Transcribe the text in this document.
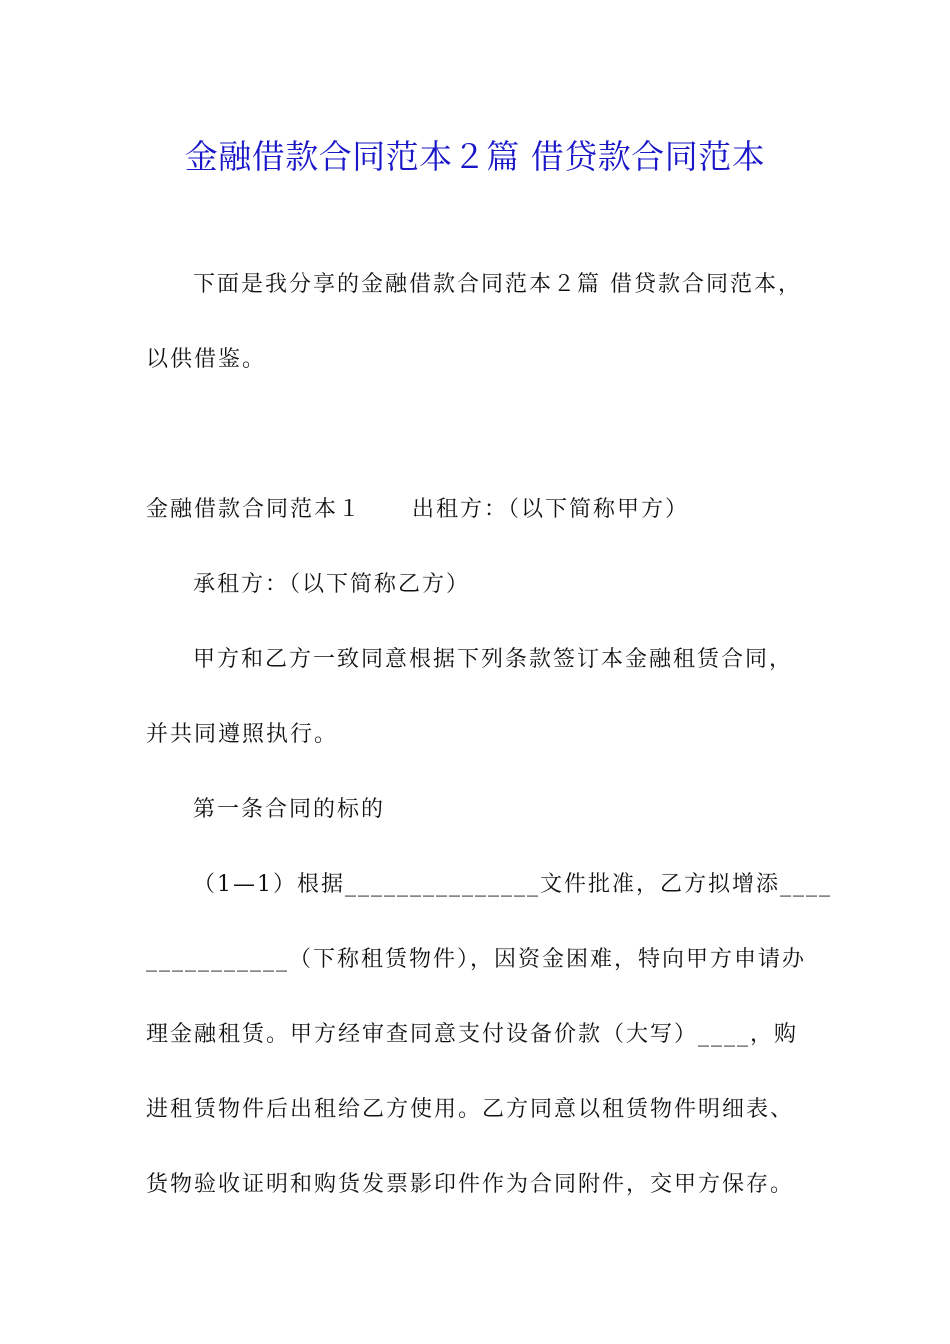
金融借款合同范本２篇 借贷款合同范本
下面是我分享的金融借款合同范本２篇 借贷款合同范本，
以供借鉴。
金融借款合同范本１ 出租方：（以下简称甲方）
承租方：（以下简称乙方）
甲方和乙方一致同意根据下列条款签订本金融租赁合同，
并共同遵照执行。
第一条合同的标的
（1—1）根据_______________文件批准，乙方拟增添____
___________（下称租赁物件），因资金困难，特向甲方申请办
理金融租赁。甲方经审查同意支付设备价款（大写）____，购
进租赁物件后出租给乙方使用。乙方同意以租赁物件明细表、
货物验收证明和购货发票影印件作为合同附件，交甲方保存。
